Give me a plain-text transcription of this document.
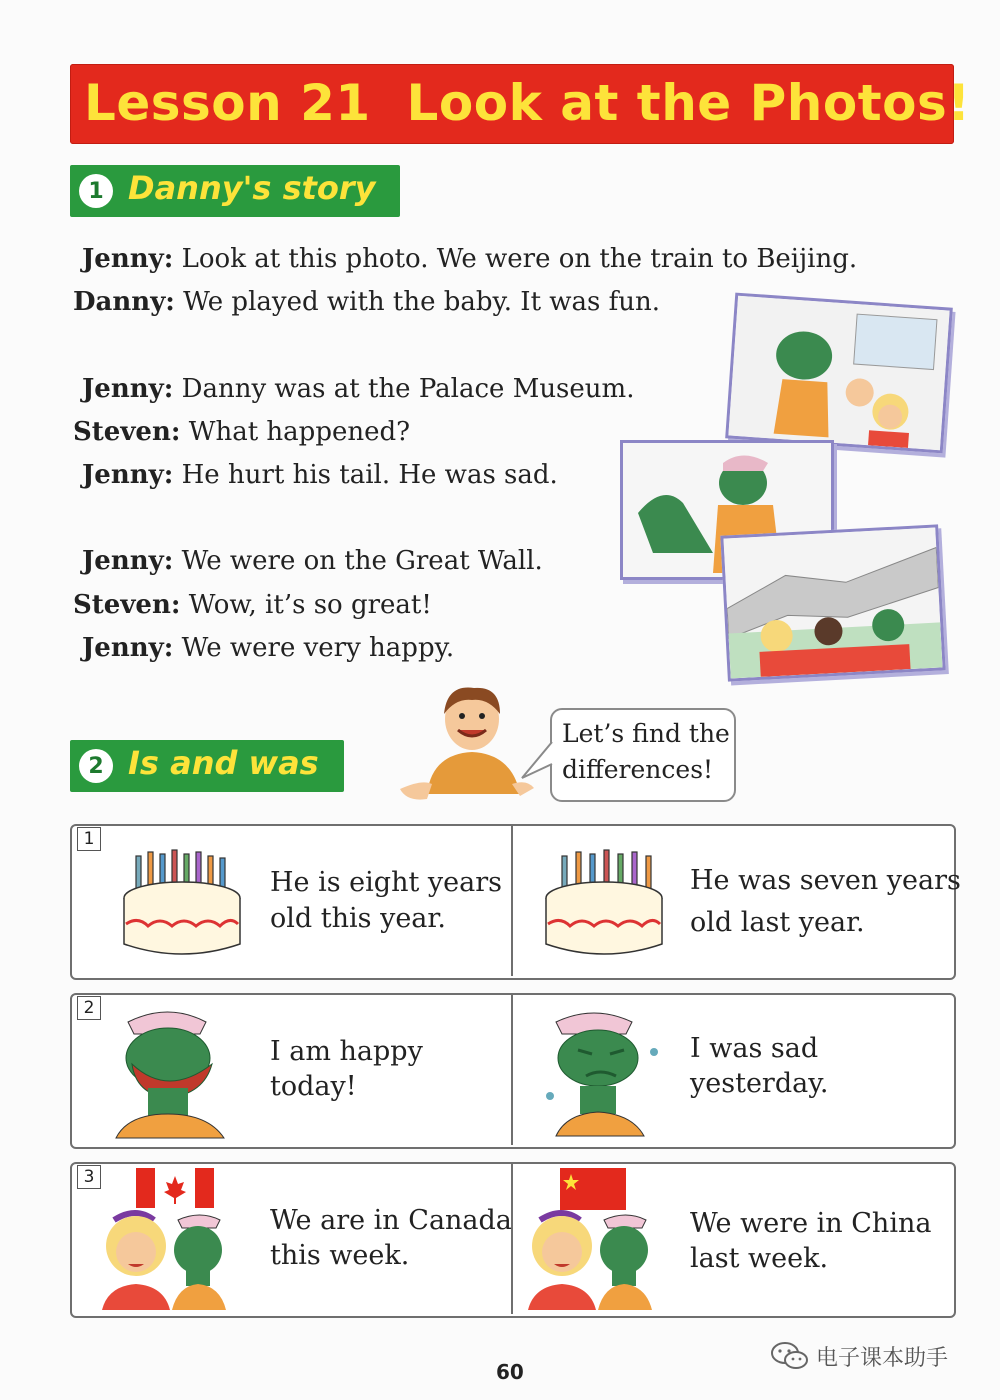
Lesson 21  Look at the Photos!
1 Danny's story
Jenny: Look at this photo. We were on the train to Beijing.
Danny: We played with the baby. It was fun.
Jenny: Danny was at the Palace Museum.
Steven: What happened?
Jenny: He hurt his tail. He was sad.
Jenny: We were on the Great Wall.
Steven: Wow, it’s so great!
Jenny: We were very happy.
2 Is and was
Let’s find the
differences!
1
He is eight years
old this year.
He was seven years
old last year.
2
I am happy
today!
I was sad
yesterday.
3
We are in Canada
this week.
We were in China
last week.
60
电子课本助手
